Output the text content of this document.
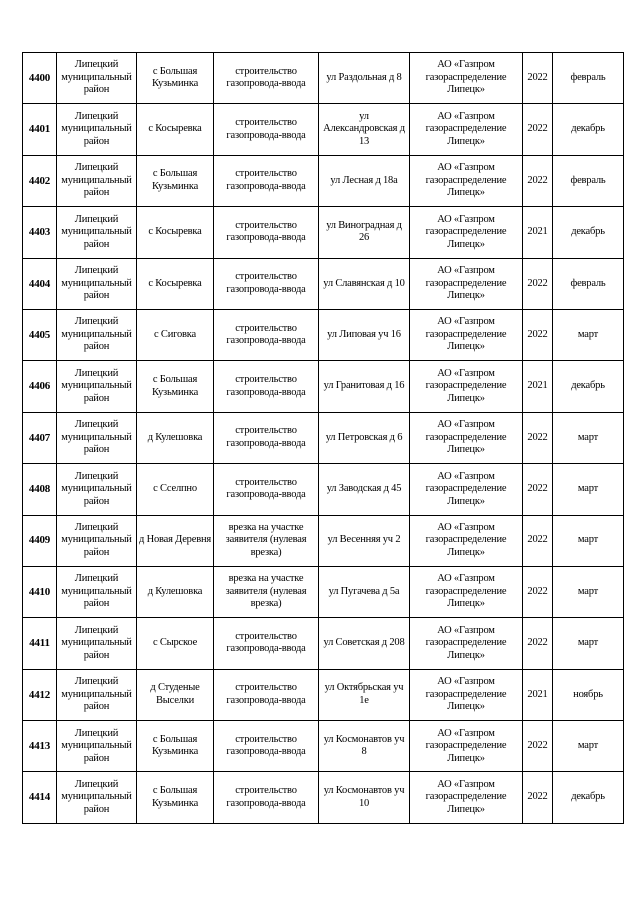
4400	Липецкий муниципальный район	с Большая Кузьминка	строительство газопровода-ввода	ул Раздольная д 8	АО «Газпром газораспределение Липецк»	2022	февраль
4401	Липецкий муниципальный район	с Косыревка	строительство газопровода-ввода	ул Александровская д 13	АО «Газпром газораспределение Липецк»	2022	декабрь
4402	Липецкий муниципальный район	с Большая Кузьминка	строительство газопровода-ввода	ул Лесная д 18а	АО «Газпром газораспределение Липецк»	2022	февраль
4403	Липецкий муниципальный район	с Косыревка	строительство газопровода-ввода	ул Виноградная д 26	АО «Газпром газораспределение Липецк»	2021	декабрь
4404	Липецкий муниципальный район	с Косыревка	строительство газопровода-ввода	ул Славянская д 10	АО «Газпром газораспределение Липецк»	2022	февраль
4405	Липецкий муниципальный район	с Сиговка	строительство газопровода-ввода	ул Липовая уч 16	АО «Газпром газораспределение Липецк»	2022	март
4406	Липецкий муниципальный район	с Большая Кузьминка	строительство газопровода-ввода	ул Гранитовая д 16	АО «Газпром газораспределение Липецк»	2021	декабрь
4407	Липецкий муниципальный район	д Кулешовка	строительство газопровода-ввода	ул Петровская д 6	АО «Газпром газораспределение Липецк»	2022	март
4408	Липецкий муниципальный район	с Сселпно	строительство газопровода-ввода	ул Заводская д 45	АО «Газпром газораспределение Липецк»	2022	март
4409	Липецкий муниципальный район	д Новая Деревня	врезка на участке заявителя (нулевая врезка)	ул Весенняя уч 2	АО «Газпром газораспределение Липецк»	2022	март
4410	Липецкий муниципальный район	д Кулешовка	врезка на участке заявителя (нулевая врезка)	ул Пугачева д 5а	АО «Газпром газораспределение Липецк»	2022	март
4411	Липецкий муниципальный район	с Сырское	строительство газопровода-ввода	ул Советская д 208	АО «Газпром газораспределение Липецк»	2022	март
4412	Липецкий муниципальный район	д Студеные Выселки	строительство газопровода-ввода	ул Октябрьская уч 1е	АО «Газпром газораспределение Липецк»	2021	ноябрь
4413	Липецкий муниципальный район	с Большая Кузьминка	строительство газопровода-ввода	ул Космонавтов уч 8	АО «Газпром газораспределение Липецк»	2022	март
4414	Липецкий муниципальный район	с Большая Кузьминка	строительство газопровода-ввода	ул Космонавтов уч 10	АО «Газпром газораспределение Липецк»	2022	декабрь
